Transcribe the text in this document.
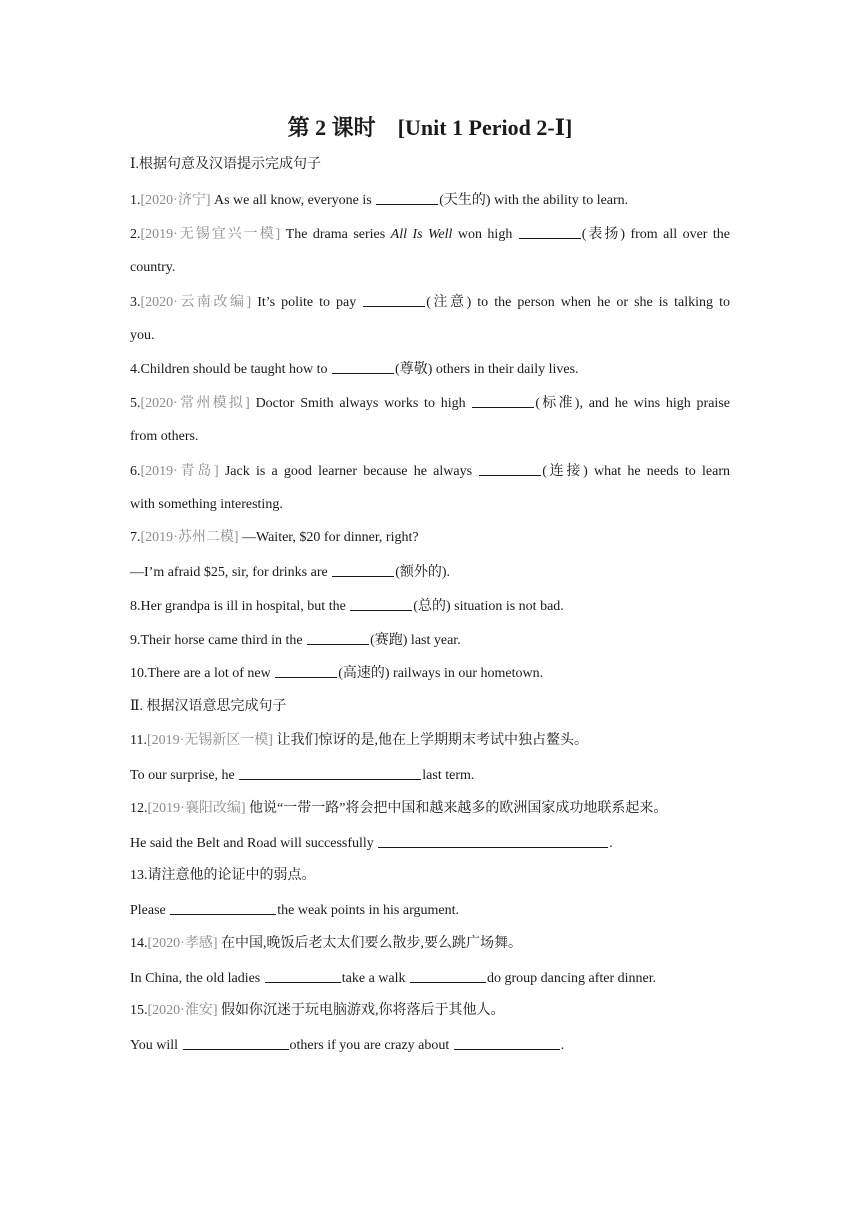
第 2 课时　[Unit 1 Period 2-Ⅰ]
Ⅰ.根据句意及汉语提示完成句子
1.[2020·济宁] As we all know, everyone is	(天生的) with the ability to learn.
2.[2019·无锡宜兴一模] The drama series All Is Well won high	(表扬) from all over the
country.
3.[2020·云南改编] It’s polite to pay	(注意) to the person when he or she is talking to
you.
4.Children should be taught how to	(尊敬) others in their daily lives.
5.[2020·常州模拟] Doctor Smith always works to high	(标准), and he wins high praise
from others.
6.[2019·青岛] Jack is a good learner because he always	(连接) what he needs to learn
with something interesting.
7.[2019·苏州二模] —Waiter, $20 for dinner, right?
—I’m afraid $25, sir, for drinks are	(额外的).
8.Her grandpa is ill in hospital, but the	(总的) situation is not bad.
9.Their horse came third in the	(赛跑) last year.
10.There are a lot of new	(高速的) railways in our hometown.
Ⅱ. 根据汉语意思完成句子
11.[2019·无锡新区一模] 让我们惊讶的是,他在上学期期末考试中独占鳌头。
To our surprise, he	last term.
12.[2019·襄阳改编] 他说“一带一路”将会把中国和越来越多的欧洲国家成功地联系起来。
He said the Belt and Road will successfully	.
13.请注意他的论证中的弱点。
Please	the weak points in his argument.
14.[2020·孝感] 在中国,晚饭后老太太们要么散步,要么跳广场舞。
In China, the old ladies	take a walk	do group dancing after dinner.
15.[2020·淮安] 假如你沉迷于玩电脑游戏,你将落后于其他人。
You will	others if you are crazy about	.
